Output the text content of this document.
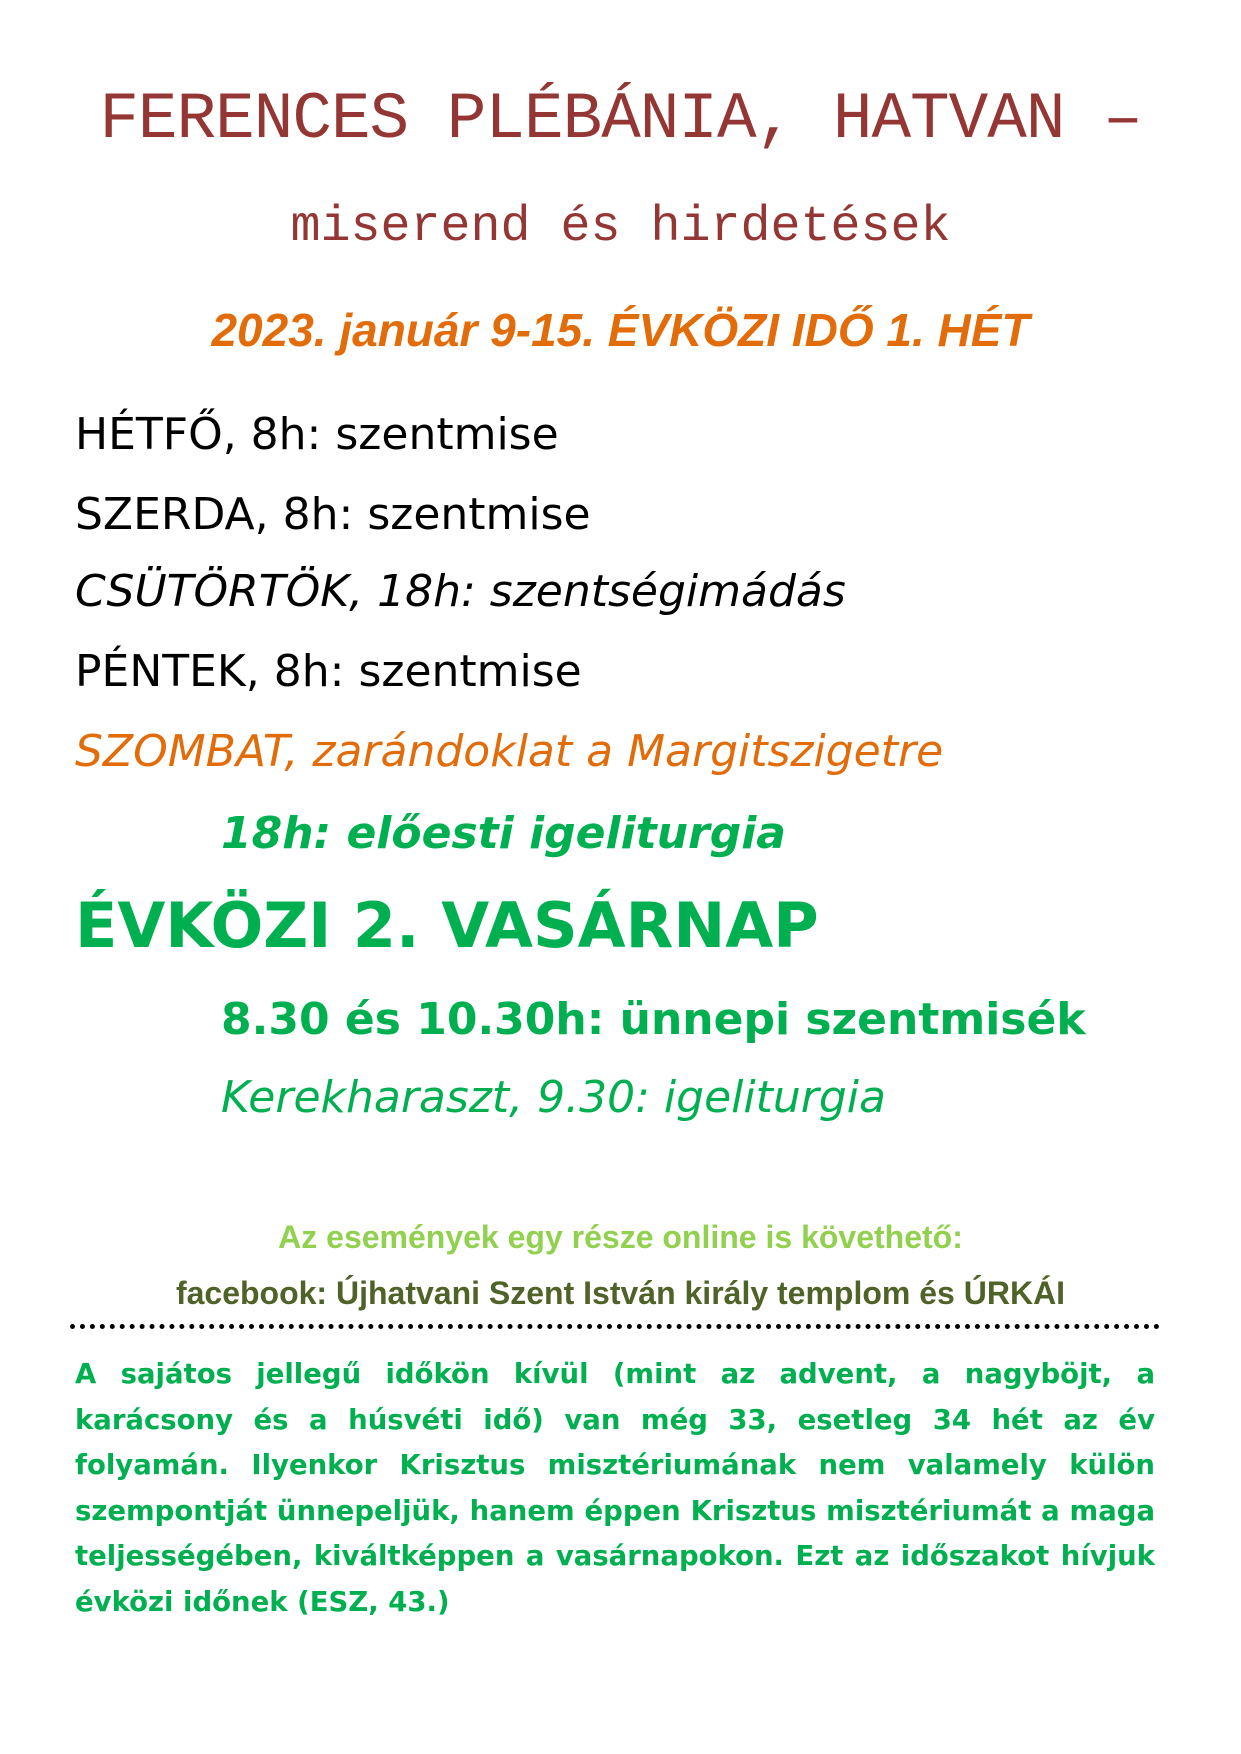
FERENCES PLÉBÁNIA, HATVAN –
miserend és hirdetések
2023. január 9-15. ÉVKÖZI IDŐ 1. HÉT
HÉTFŐ, 8h: szentmise
SZERDA, 8h: szentmise
CSÜTÖRTÖK, 18h: szentségimádás
PÉNTEK, 8h: szentmise
SZOMBAT, zarándoklat a Margitszigetre
18h: előesti igeliturgia
ÉVKÖZI 2. VASÁRNAP
8.30 és 10.30h: ünnepi szentmisék
Kerekharaszt, 9.30: igeliturgia
Az események egy része online is követhető:
facebook: Újhatvani Szent István király templom és ÚRKÁI
A sajátos jellegű időkön kívül (mint az advent, a nagyböjt, a karácsony és a húsvéti idő) van még 33, esetleg 34 hét az év folyamán. Ilyenkor Krisztus misztériumának nem valamely külön szempontját ünnepeljük, hanem éppen Krisztus misztériumát a maga teljességében, kiváltképpen a vasárnapokon. Ezt az időszakot hívjuk évközi időnek (ESZ, 43.)
